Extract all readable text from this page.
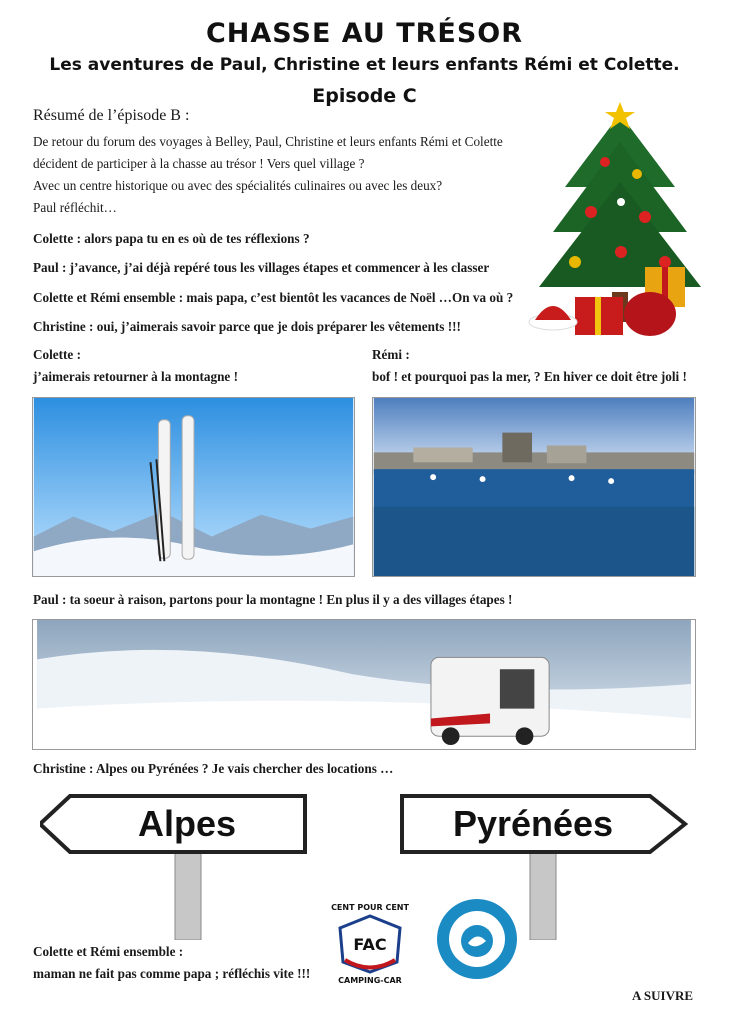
CHASSE AU TRÉSOR
Les aventures de Paul, Christine et leurs enfants Rémi et Colette.
Episode C
Résumé de l’épisode B :
De retour du forum des voyages à Belley, Paul, Christine et leurs enfants Rémi et Colette
décident de participer à la chasse au trésor ! Vers quel village ?
Avec un centre historique ou avec des spécialités culinaires ou avec les deux?
Paul réfléchit…
Colette : alors papa tu en es où de tes réflexions ?
Paul : j’avance, j’ai déjà repéré tous les villages étapes et commencer à les classer
Colette et Rémi ensemble : mais papa, c’est bientôt les vacances de Noël …On va où ?
Christine : oui, j’aimerais savoir parce que je dois préparer les vêtements !!!
Colette :
j’aimerais retourner à la montagne !
Rémi :
bof ! et pourquoi pas la mer, ? En hiver ce doit être joli !
Paul : ta soeur à raison, partons pour la montagne ! En plus il y a des villages étapes !
Christine : Alpes ou Pyrénées ? Je vais chercher des locations …
Alpes	Pyrénées
Colette et Rémi ensemble :
maman ne fait pas comme papa ; réfléchis vite !!!
FAC
CENT POUR CENT
CAMPING-CAR
A SUIVRE
